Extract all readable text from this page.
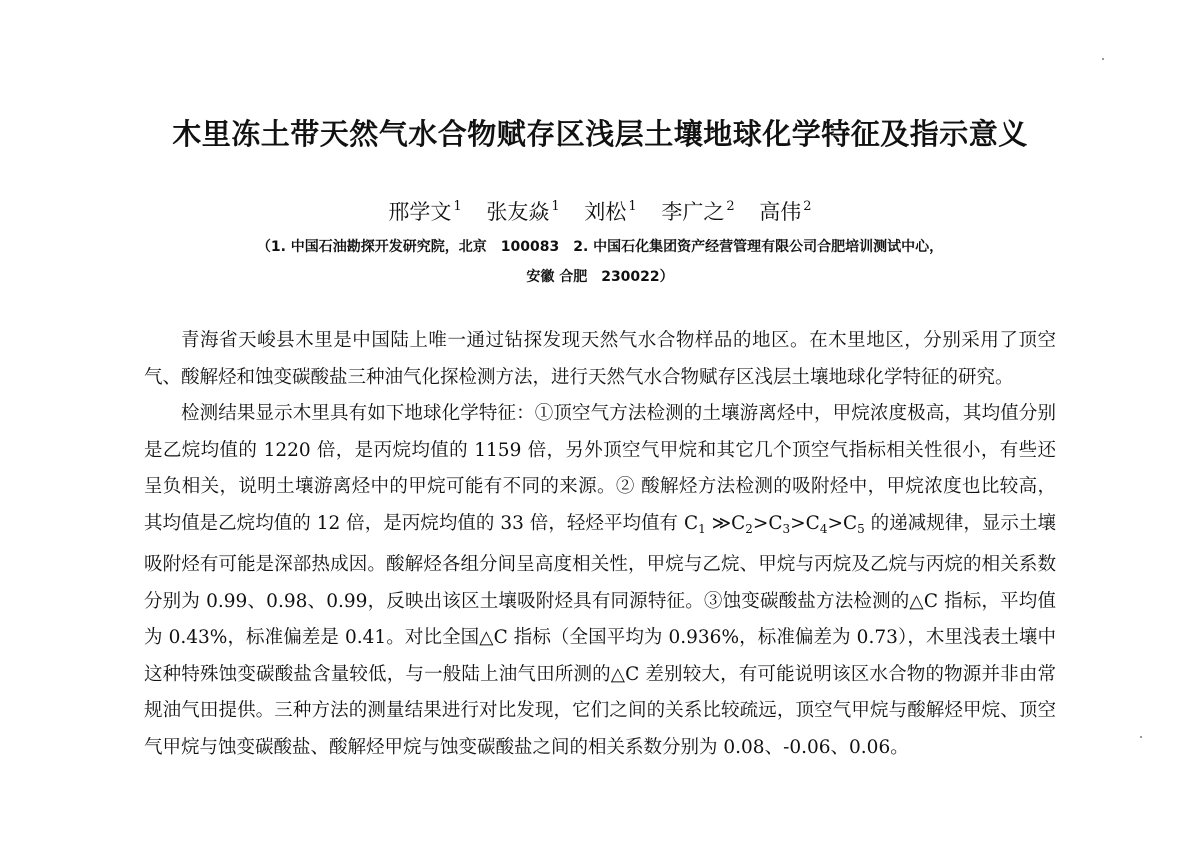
木里冻土带天然气水合物赋存区浅层土壤地球化学特征及指示意义
邢学文 $^1$ 张友焱 $^1$ 刘松 $^1$ 李广之 $^2$ 高伟 $^2$
（1. 中国石油勘探开发研究院，北京　100083　2. 中国石化集团资产经营管理有限公司合肥培训测试中心，
安徽 合肥　230022）

青海省天峻县木里是中国陆上唯一通过钻探发现天然气水合物样品的地区。在木里地区，分别采用了顶空气、酸解烃和蚀变碳酸盐三种油气化探检测方法，进行天然气水合物赋存区浅层土壤地球化学特征的研究。

检测结果显示木里具有如下地球化学特征：①顶空气方法检测的土壤游离烃中，甲烷浓度极高，其均值分别是乙烷均值的 1220 倍，是丙烷均值的 1159 倍，另外顶空气甲烷和其它几个顶空气指标相关性很小，有些还呈负相关，说明土壤游离烃中的甲烷可能有不同的来源。② 酸解烃方法检测的吸附烃中，甲烷浓度也比较高，其均值是乙烷均值的 12 倍，是丙烷均值的 33 倍，轻烃平均值有 $C_1$ $≫C_2>C_3>C_4>C_5$ 的递减规律，显示土壤吸附烃有可能是深部热成因。酸解烃各组分间呈高度相关性，甲烷与乙烷、甲烷与丙烷及乙烷与丙烷的相关系数分别为 0.99、0.98、0.99，反映出该区土壤吸附烃具有同源特征。③蚀变碳酸盐方法检测的△C 指标，平均值为 0.43%，标准偏差是 0.41。对比全国△C 指标（全国平均为 0.936%，标准偏差为 0.73），木里浅表土壤中这种特殊蚀变碳酸盐含量较低，与一般陆上油气田所测的△C 差别较大，有可能说明该区水合物的物源并非由常规油气田提供。三种方法的测量结果进行对比发现，它们之间的关系比较疏远，顶空气甲烷与酸解烃甲烷、顶空气甲烷与蚀变碳酸盐、酸解烃甲烷与蚀变碳酸盐之间的相关系数分别为 0.08、-0.06、0.06。
